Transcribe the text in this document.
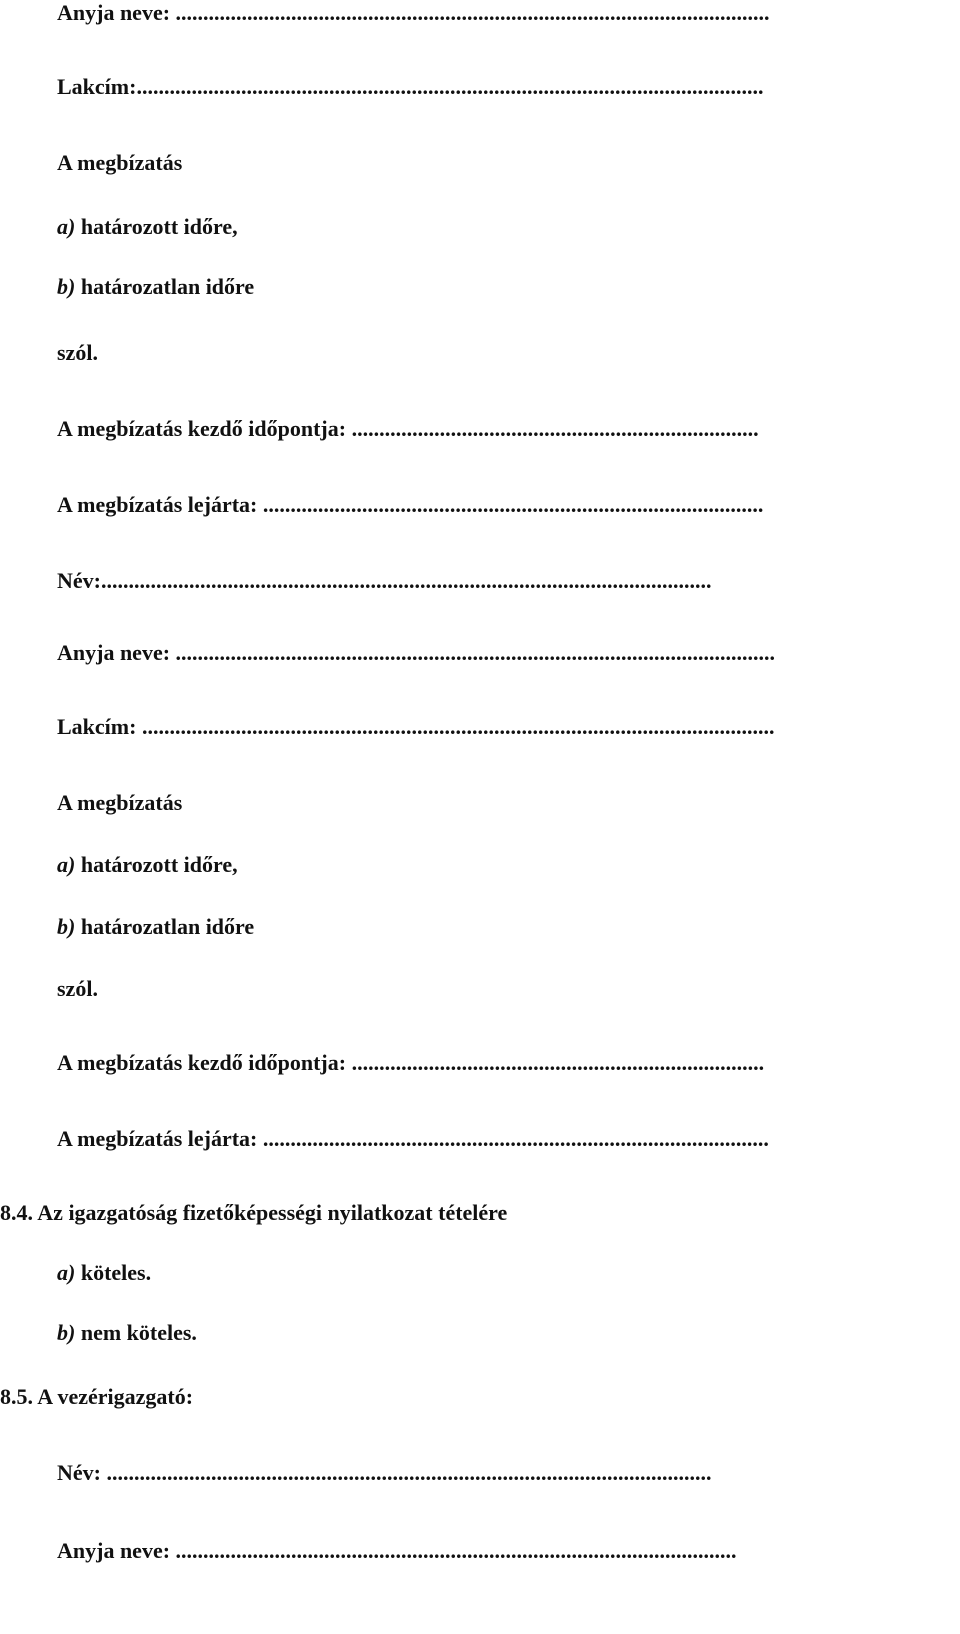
Anyja neve: ............................................................................................................
Lakcím:..................................................................................................................
A megbízatás
a) határozott időre,
b) határozatlan időre
szól.
A megbízatás kezdő időpontja: ..........................................................................
A megbízatás lejárta: ...........................................................................................
Név:...............................................................................................................
Anyja neve: .............................................................................................................
Lakcím: ...................................................................................................................
A megbízatás
a) határozott időre,
b) határozatlan időre
szól.
A megbízatás kezdő időpontja: ...........................................................................
A megbízatás lejárta: ............................................................................................
8.4. Az igazgatóság fizetőképességi nyilatkozat tételére
a) köteles.
b) nem köteles.
8.5. A vezérigazgató:
Név: ..............................................................................................................
Anyja neve: ......................................................................................................
